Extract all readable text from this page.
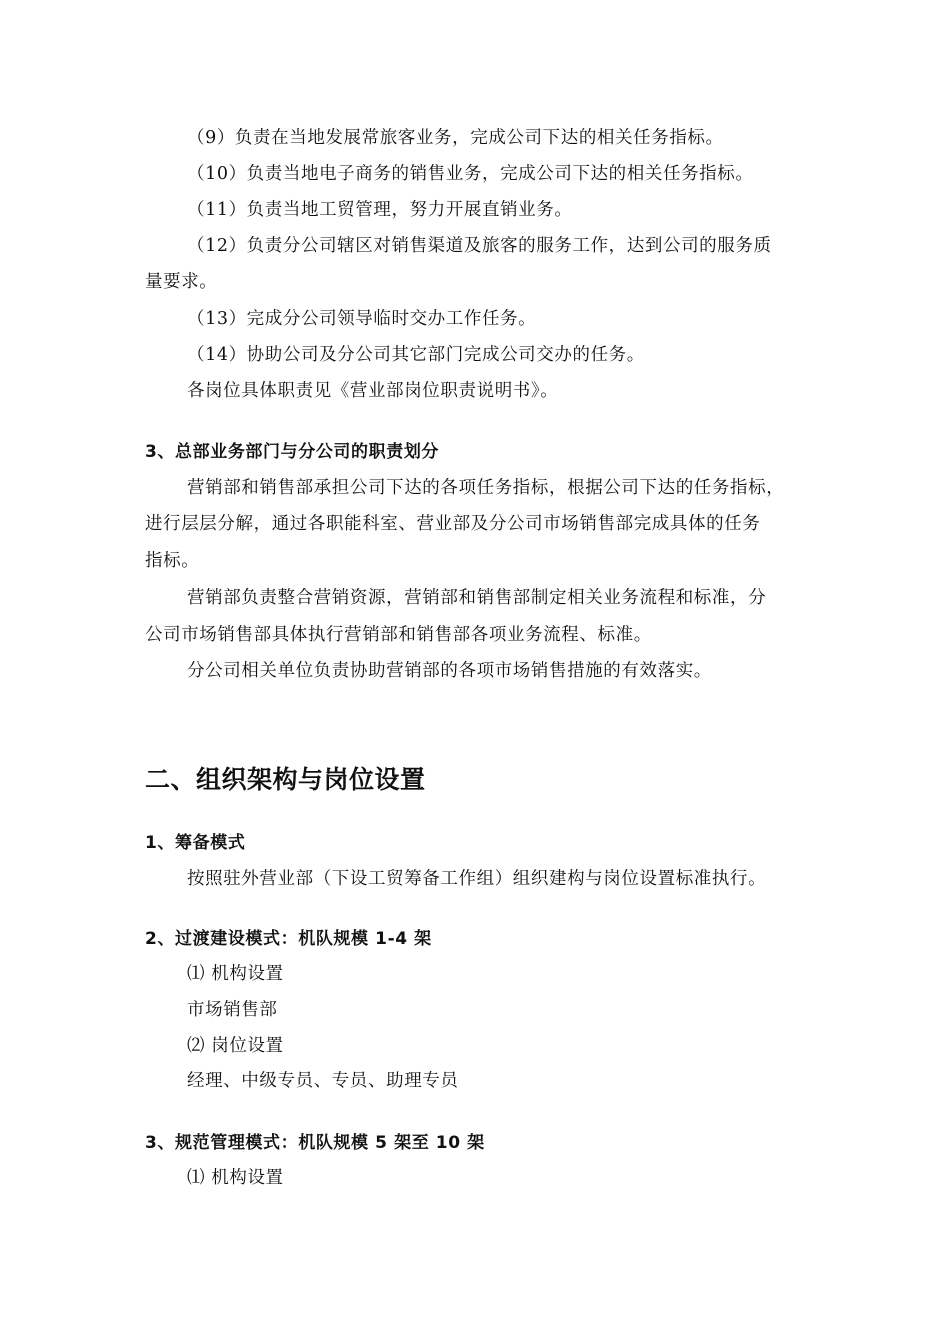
（9）负责在当地发展常旅客业务，完成公司下达的相关任务指标。
（10）负责当地电子商务的销售业务，完成公司下达的相关任务指标。
（11）负责当地工贸管理，努力开展直销业务。
（12）负责分公司辖区对销售渠道及旅客的服务工作，达到公司的服务质
量要求。
（13）完成分公司领导临时交办工作任务。
（14）协助公司及分公司其它部门完成公司交办的任务。
各岗位具体职责见《营业部岗位职责说明书》。
3、总部业务部门与分公司的职责划分
营销部和销售部承担公司下达的各项任务指标，根据公司下达的任务指标，
进行层层分解，通过各职能科室、营业部及分公司市场销售部完成具体的任务
指标。
营销部负责整合营销资源，营销部和销售部制定相关业务流程和标准，分
公司市场销售部具体执行营销部和销售部各项业务流程、标准。
分公司相关单位负责协助营销部的各项市场销售措施的有效落实。
二、组织架构与岗位设置
1、筹备模式
按照驻外营业部（下设工贸筹备工作组）组织建构与岗位设置标准执行。
2、过渡建设模式：机队规模 1-4 架
⑴ 机构设置
市场销售部
⑵ 岗位设置
经理、中级专员、专员、助理专员
3、规范管理模式：机队规模 5 架至 10 架
⑴ 机构设置
